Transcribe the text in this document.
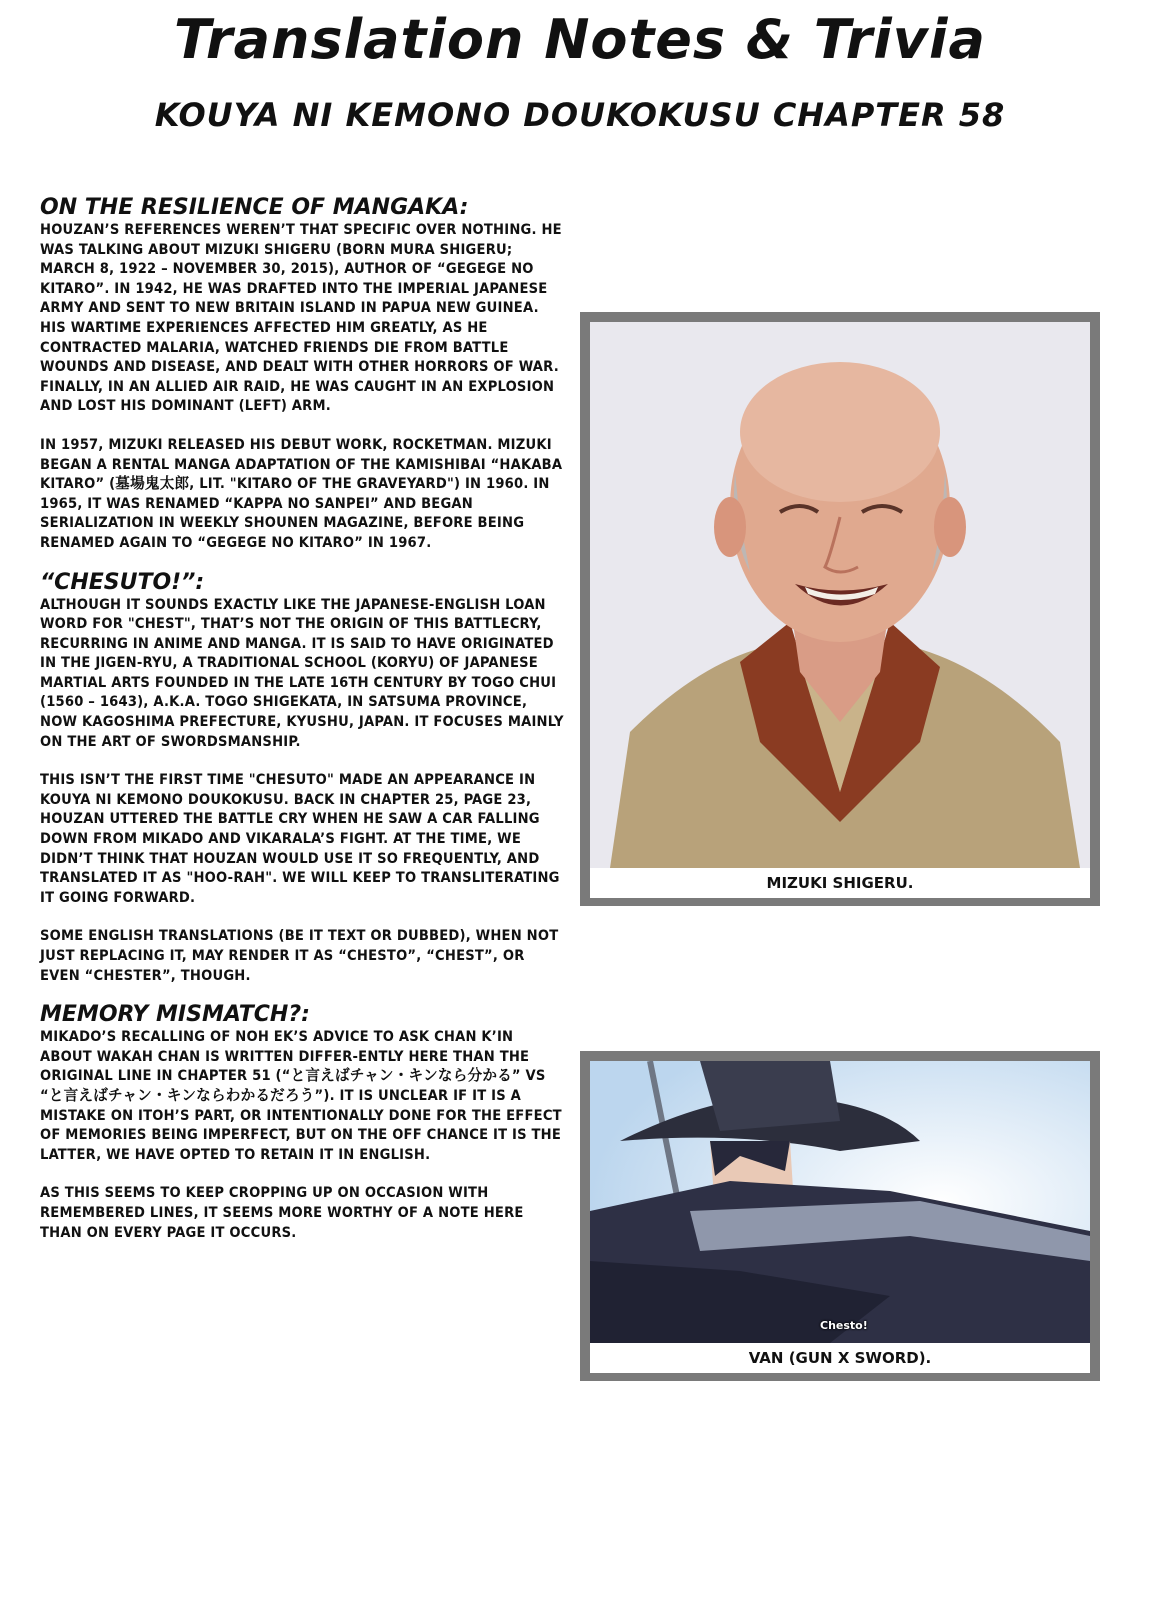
Translation Notes & Trivia
KOUYA NI KEMONO DOUKOKUSU CHAPTER 58
ON THE RESILIENCE OF MANGAKA:

HOUZAN’S REFERENCES WEREN’T THAT SPECIFIC OVER NOTHING. HE WAS TALKING ABOUT MIZUKI SHIGERU (BORN MURA SHIGERU; MARCH 8, 1922 – NOVEMBER 30, 2015), AUTHOR OF “GEGEGE NO KITARO”. IN 1942, HE WAS DRAFTED INTO THE IMPERIAL JAPANESE ARMY AND SENT TO NEW BRITAIN ISLAND IN PAPUA NEW GUINEA. HIS WARTIME EXPERIENCES AFFECTED HIM GREATLY, AS HE CONTRACTED MALARIA, WATCHED FRIENDS DIE FROM BATTLE WOUNDS AND DISEASE, AND DEALT WITH OTHER HORRORS OF WAR. FINALLY, IN AN ALLIED AIR RAID, HE WAS CAUGHT IN AN EXPLOSION AND LOST HIS DOMINANT (LEFT) ARM.

IN 1957, MIZUKI RELEASED HIS DEBUT WORK, ROCKETMAN. MIZUKI BEGAN A RENTAL MANGA ADAPTATION OF THE KAMISHIBAI “HAKABA KITARO” (墓場鬼太郎, LIT. "KITARO OF THE GRAVEYARD") IN 1960. IN 1965, IT WAS RENAMED “KAPPA NO SANPEI” AND BEGAN SERIALIZATION IN WEEKLY SHOUNEN MAGAZINE, BEFORE BEING RENAMED AGAIN TO “GEGEGE NO KITARO” IN 1967.

“CHESUTO!”:

ALTHOUGH IT SOUNDS EXACTLY LIKE THE JAPANESE-ENGLISH LOAN WORD FOR "CHEST", THAT’S NOT THE ORIGIN OF THIS BATTLECRY, RECURRING IN ANIME AND MANGA. IT IS SAID TO HAVE ORIGINATED IN THE JIGEN-RYU, A TRADITIONAL SCHOOL (KORYU) OF JAPANESE MARTIAL ARTS FOUNDED IN THE LATE 16TH CENTURY BY TOGO CHUI (1560 – 1643), A.K.A. TOGO SHIGEKATA, IN SATSUMA PROVINCE, NOW KAGOSHIMA PREFECTURE, KYUSHU, JAPAN. IT FOCUSES MAINLY ON THE ART OF SWORDSMANSHIP.

THIS ISN’T THE FIRST TIME "CHESUTO" MADE AN APPEARANCE IN KOUYA NI KEMONO DOUKOKUSU. BACK IN CHAPTER 25, PAGE 23, HOUZAN UTTERED THE BATTLE CRY WHEN HE SAW A CAR FALLING DOWN FROM MIKADO AND VIKARALA’S FIGHT. AT THE TIME, WE DIDN’T THINK THAT HOUZAN WOULD USE IT SO FREQUENTLY, AND TRANSLATED IT AS "HOO-RAH". WE WILL KEEP TO TRANSLITERATING IT GOING FORWARD.

SOME ENGLISH TRANSLATIONS (BE IT TEXT OR DUBBED), WHEN NOT JUST REPLACING IT, MAY RENDER IT AS “CHESTO”, “CHEST”, OR EVEN “CHESTER”, THOUGH.

MEMORY MISMATCH?:

MIKADO’S RECALLING OF NOH EK’S ADVICE TO ASK CHAN K’IN ABOUT WAKAH CHAN IS WRITTEN DIFFER-ENTLY HERE THAN THE ORIGINAL LINE IN CHAPTER 51 (“と言えばチャン・キンなら分かる” VS “と言えばチャン・キンならわかるだろう”). IT IS UNCLEAR IF IT IS A MISTAKE ON ITOH’S PART, OR INTENTIONALLY DONE FOR THE EFFECT OF MEMORIES BEING IMPERFECT, BUT ON THE OFF CHANCE IT IS THE LATTER, WE HAVE OPTED TO RETAIN IT IN ENGLISH.

AS THIS SEEMS TO KEEP CROPPING UP ON OCCASION WITH REMEMBERED LINES, IT SEEMS MORE WORTHY OF A NOTE HERE THAN ON EVERY PAGE IT OCCURS.

MIZUKI SHIGERU.
Chesto!
VAN (GUN X SWORD).
